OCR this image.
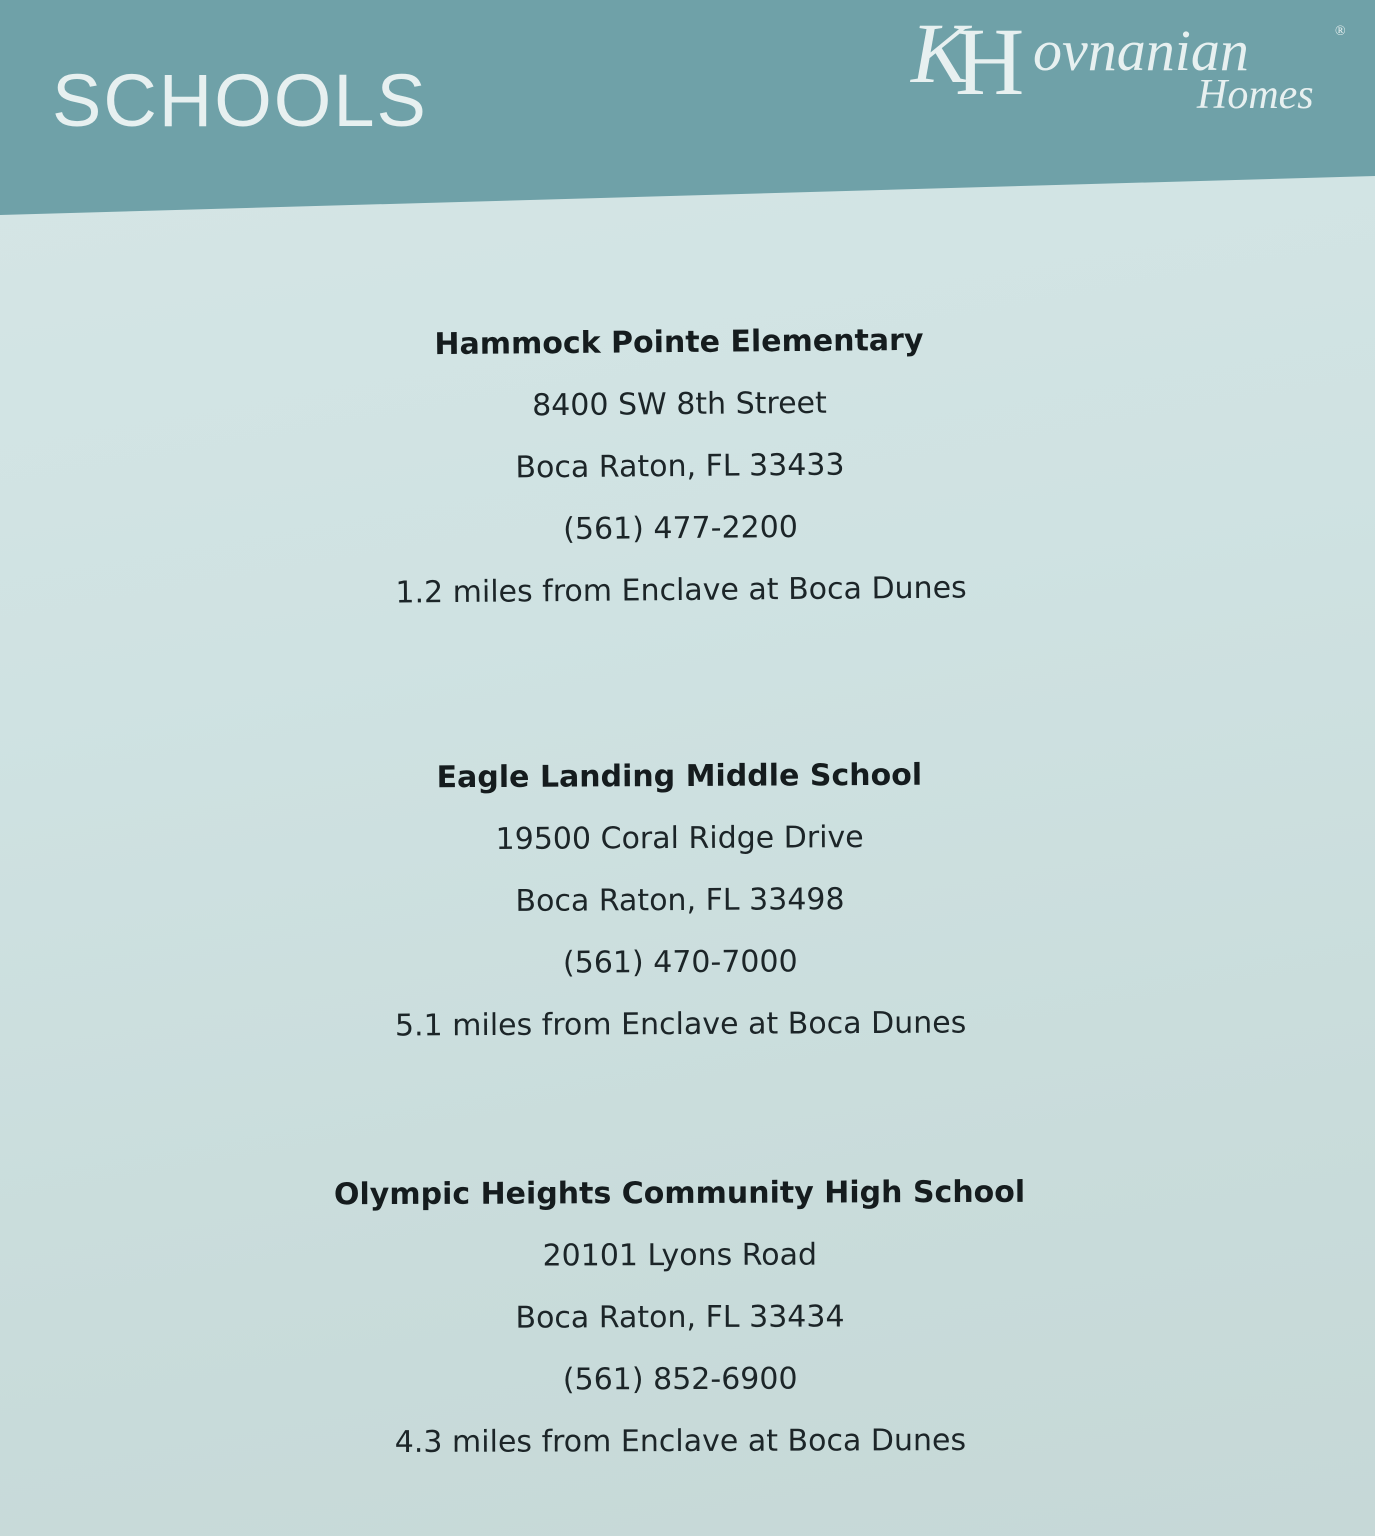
SCHOOLS	K
H ovnanian	®
Homes

Hammock Pointe Elementary

8400 SW 8th Street

Boca Raton, FL 33433

(561) 477-2200

1.2 miles from Enclave at Boca Dunes

Eagle Landing Middle School

19500 Coral Ridge Drive

Boca Raton, FL 33498

(561) 470-7000

5.1 miles from Enclave at Boca Dunes

Olympic Heights Community High School

20101 Lyons Road

Boca Raton, FL 33434

(561) 852-6900

4.3 miles from Enclave at Boca Dunes
